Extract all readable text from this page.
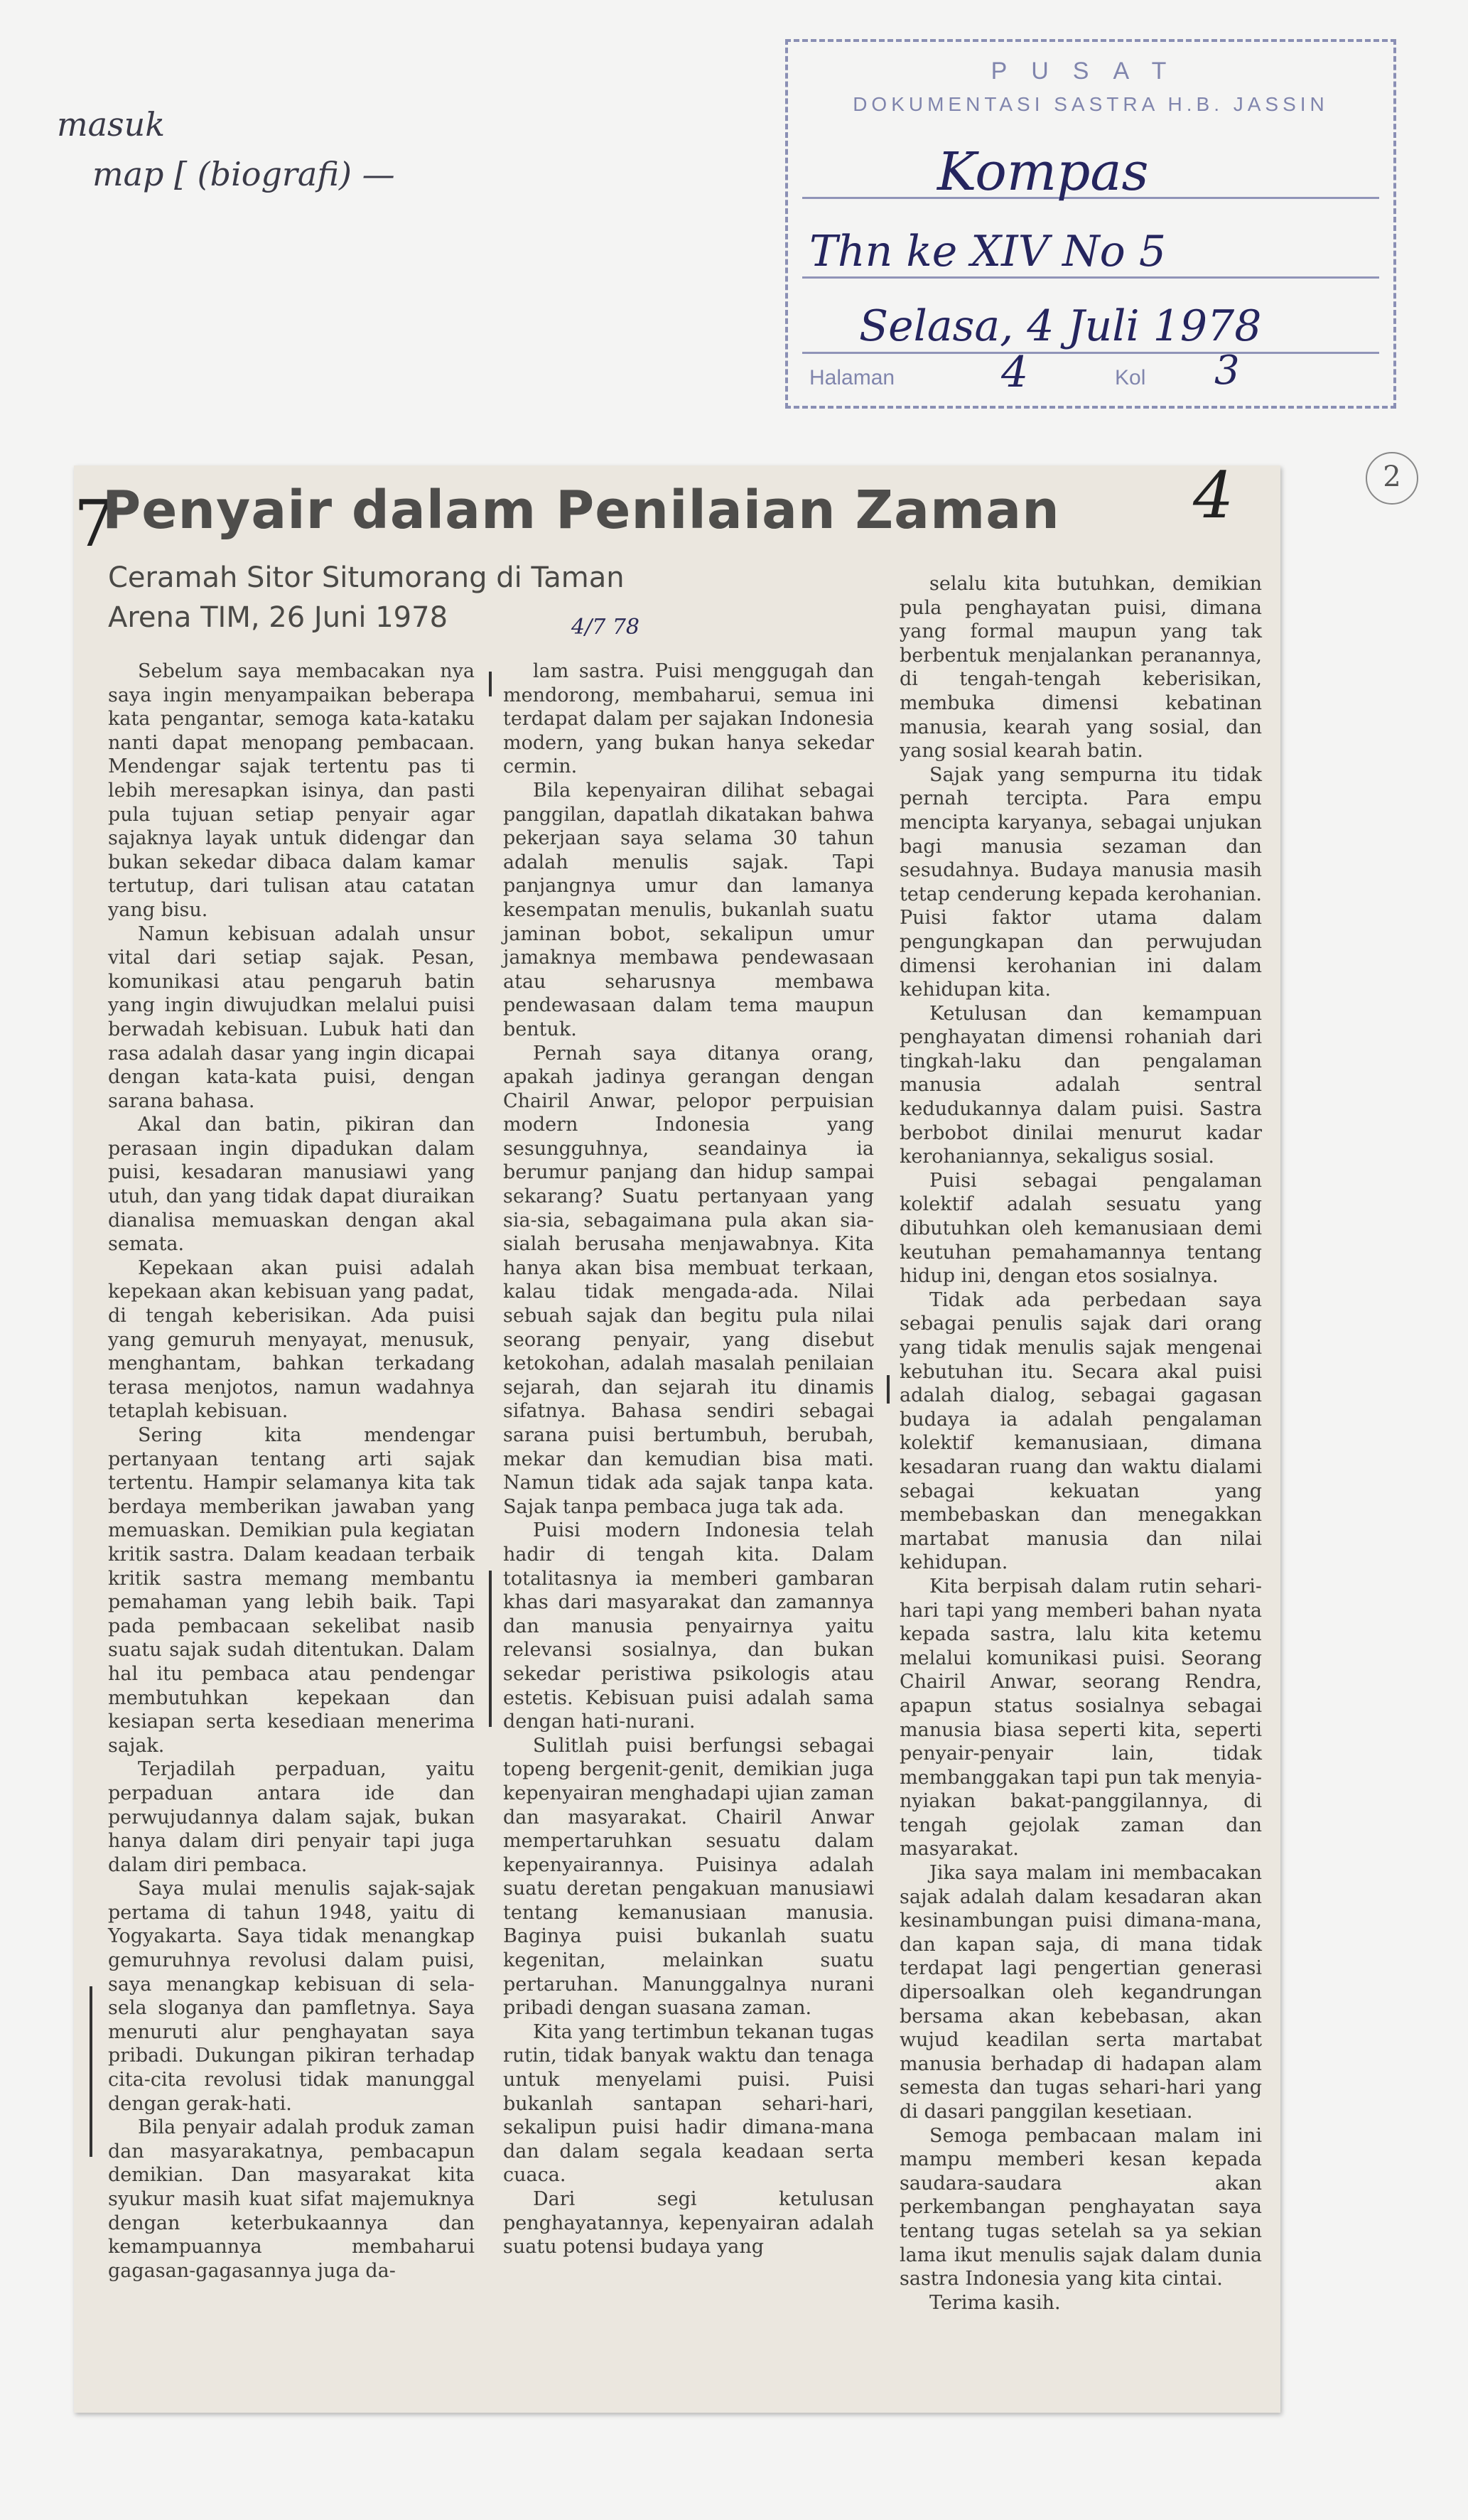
masuk
map [ (biografi) —
PUSAT
DOKUMENTASI SASTRA H.B. JASSIN
Kompas
Thn ke XIV No 5
Selasa, 4 Juli 1978
Halaman 4	Kol 3
2
7	4
Penyair dalam Penilaian Zaman
Ceramah Sitor Situmorang di Taman Arena TIM, 26 Juni 1978	4/7 78

Sebelum saya membacakan nya saya ingin menyampaikan beberapa kata pengantar, semoga kata-kataku nanti dapat menopang pembacaan. Mendengar sajak tertentu pas ti lebih meresapkan isinya, dan pasti pula tujuan setiap penyair agar sajaknya layak untuk didengar dan bukan sekedar dibaca dalam kamar tertutup, dari tulisan atau catatan yang bisu.

Namun kebisuan adalah unsur vital dari setiap sajak. Pesan, komunikasi atau pengaruh batin yang ingin diwujudkan melalui puisi berwadah kebisuan. Lubuk hati dan rasa adalah dasar yang ingin dicapai dengan kata-kata puisi, dengan sarana bahasa.

Akal dan batin, pikiran dan perasaan ingin dipadukan dalam puisi, kesadaran manusiawi yang utuh, dan yang tidak dapat diuraikan dianalisa memuaskan dengan akal semata.

Kepekaan akan puisi adalah kepekaan akan kebisuan yang padat, di tengah keberisikan. Ada puisi yang gemuruh menyayat, menusuk, menghantam, bahkan terkadang terasa menjotos, namun wadahnya tetaplah kebisuan.

Sering kita mendengar pertanyaan tentang arti sajak tertentu. Hampir selamanya kita tak berdaya memberikan jawaban yang memuaskan. Demikian pula kegiatan kritik sastra. Dalam keadaan terbaik kritik sastra memang membantu pemahaman yang lebih baik. Tapi pada pembacaan sekelibat nasib suatu sajak sudah ditentukan. Dalam hal itu pembaca atau pendengar membutuhkan kepekaan dan kesiapan serta kesediaan menerima sajak.

Terjadilah perpaduan, yaitu perpaduan antara ide dan perwujudannya dalam sajak, bukan hanya dalam diri penyair tapi juga dalam diri pembaca.

Saya mulai menulis sajak-sajak pertama di tahun 1948, yaitu di Yogyakarta. Saya tidak menangkap gemuruhnya revolusi dalam puisi, saya menangkap kebisuan di sela-sela sloganya dan pamfletnya. Saya menuruti alur penghayatan saya pribadi. Dukungan pikiran terhadap cita-cita revolusi tidak manunggal dengan gerak-hati.

Bila penyair adalah produk zaman dan masyarakatnya, pembacapun demikian. Dan masyarakat kita syukur masih kuat sifat majemuknya dengan keterbukaannya dan kemampuannya membaharui gagasan-gagasannya juga da-

lam sastra. Puisi menggugah dan mendorong, membaharui, semua ini terdapat dalam per sajakan Indonesia modern, yang bukan hanya sekedar cermin.

Bila kepenyairan dilihat sebagai panggilan, dapatlah dikatakan bahwa pekerjaan saya selama 30 tahun adalah menulis sajak. Tapi panjangnya umur dan lamanya kesempatan menulis, bukanlah suatu jaminan bobot, sekalipun umur jamaknya membawa pendewasaan atau seharusnya membawa pendewasaan dalam tema maupun bentuk.

Pernah saya ditanya orang, apakah jadinya gerangan dengan Chairil Anwar, pelopor perpuisian modern Indonesia yang sesungguhnya, seandainya ia berumur panjang dan hidup sampai sekarang? Suatu pertanyaan yang sia-sia, sebagaimana pula akan sia-sialah berusaha menjawabnya. Kita hanya akan bisa membuat terkaan, kalau tidak mengada-ada. Nilai sebuah sajak dan begitu pula nilai seorang penyair, yang disebut ketokohan, adalah masalah penilaian sejarah, dan sejarah itu dinamis sifatnya. Bahasa sendiri sebagai sarana puisi bertumbuh, berubah, mekar dan kemudian bisa mati. Namun tidak ada sajak tanpa kata. Sajak tanpa pembaca juga tak ada.

Puisi modern Indonesia telah hadir di tengah kita. Dalam totalitasnya ia memberi gambaran khas dari masyarakat dan zamannya dan manusia penyairnya yaitu relevansi sosialnya, dan bukan sekedar peristiwa psikologis atau estetis. Kebisuan puisi adalah sama dengan hati-nurani.

Sulitlah puisi berfungsi sebagai topeng bergenit-genit, demikian juga kepenyairan menghadapi ujian zaman dan masyarakat. Chairil Anwar mempertaruhkan sesuatu dalam kepenyairannya. Puisinya adalah suatu deretan pengakuan manusiawi tentang kemanusiaan manusia. Baginya puisi bukanlah suatu kegenitan, melainkan suatu pertaruhan. Manunggalnya nurani pribadi dengan suasana zaman.

Kita yang tertimbun tekanan tugas rutin, tidak banyak waktu dan tenaga untuk menyelami puisi. Puisi bukanlah santapan sehari-hari, sekalipun puisi hadir dimana-mana dan dalam segala keadaan serta cuaca.

Dari segi ketulusan penghayatannya, kepenyairan adalah suatu potensi budaya yang

selalu kita butuhkan, demikian pula penghayatan puisi, dimana yang formal maupun yang tak berbentuk menjalankan peranannya, di tengah-tengah keberisikan, membuka dimensi kebatinan manusia, kearah yang sosial, dan yang sosial kearah batin.

Sajak yang sempurna itu tidak pernah tercipta. Para empu mencipta karyanya, sebagai unjukan bagi manusia sezaman dan sesudahnya. Budaya manusia masih tetap cenderung kepada kerohanian. Puisi faktor utama dalam pengungkapan dan perwujudan dimensi kerohanian ini dalam kehidupan kita.

Ketulusan dan kemampuan penghayatan dimensi rohaniah dari tingkah-laku dan pengalaman manusia adalah sentral kedudukannya dalam puisi. Sastra berbobot dinilai menurut kadar kerohaniannya, sekaligus sosial.

Puisi sebagai pengalaman kolektif adalah sesuatu yang dibutuhkan oleh kemanusiaan demi keutuhan pemahamannya tentang hidup ini, dengan etos sosialnya.

Tidak ada perbedaan saya sebagai penulis sajak dari orang yang tidak menulis sajak mengenai kebutuhan itu. Secara akal puisi adalah dialog, sebagai gagasan budaya ia adalah pengalaman kolektif kemanusiaan, dimana kesadaran ruang dan waktu dialami sebagai kekuatan yang membebaskan dan menegakkan martabat manusia dan nilai kehidupan.

Kita berpisah dalam rutin sehari-hari tapi yang memberi bahan nyata kepada sastra, lalu kita ketemu melalui komunikasi puisi. Seorang Chairil Anwar, seorang Rendra, apapun status sosialnya sebagai manusia biasa seperti kita, seperti penyair-penyair lain, tidak membanggakan tapi pun tak menyia-nyiakan bakat-panggilannya, di tengah gejolak zaman dan masyarakat.

Jika saya malam ini membacakan sajak adalah dalam kesadaran akan kesinambungan puisi dimana-mana, dan kapan saja, di mana tidak terdapat lagi pengertian generasi dipersoalkan oleh kegandrungan bersama akan kebebasan, akan wujud keadilan serta martabat manusia berhadap di hadapan alam semesta dan tugas sehari-hari yang di dasari panggilan kesetiaan.

Semoga pembacaan malam ini mampu memberi kesan kepada saudara-saudara akan perkembangan penghayatan saya tentang tugas setelah sa ya sekian lama ikut menulis sajak dalam dunia sastra Indonesia yang kita cintai.

Terima kasih.
